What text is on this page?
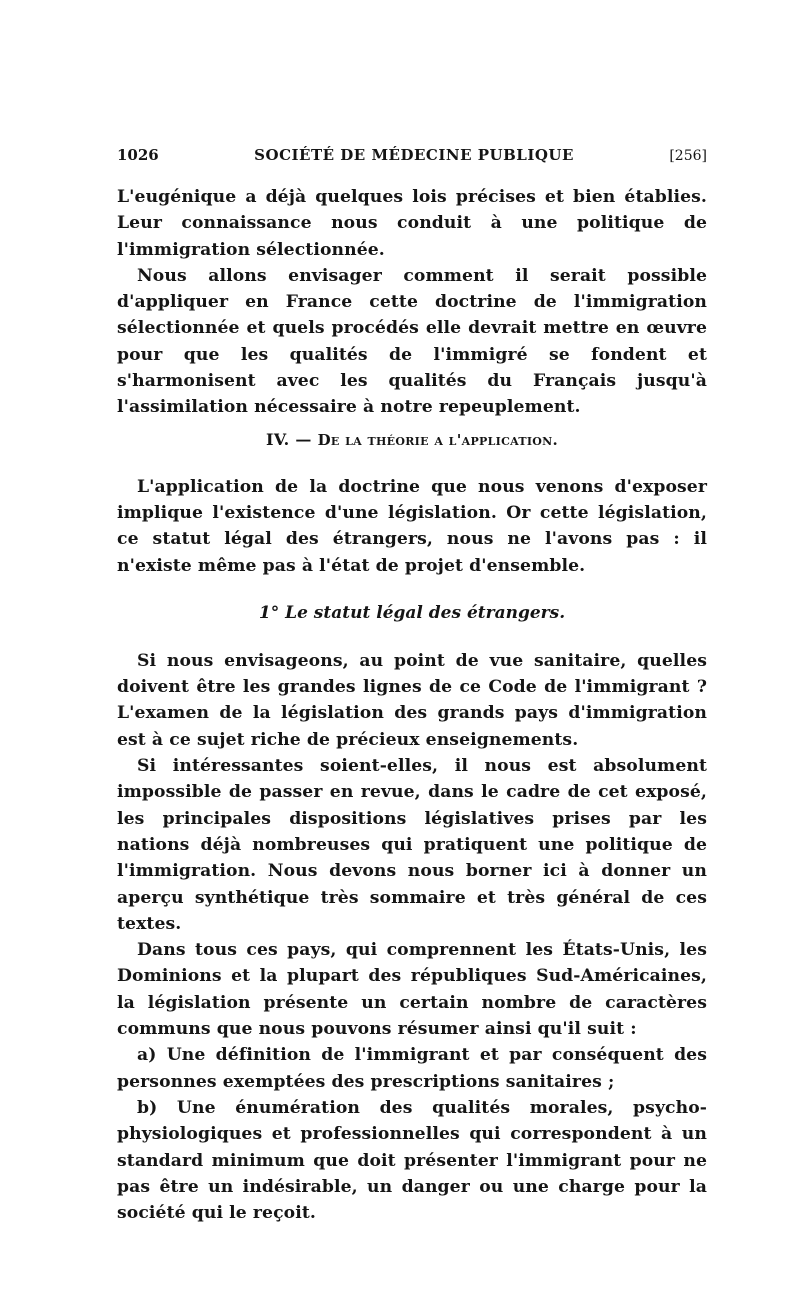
1026	SOCIÉTÉ DE MÉDECINE PUBLIQUE	[256]

L'eugénique a déjà quelques lois précises et bien établies. Leur connaissance nous conduit à une politique de l'immigration sélectionnée.

Nous allons envisager comment il serait possible d'appliquer en France cette doctrine de l'immigration sélectionnée et quels procédés elle devrait mettre en œuvre pour que les qualités de l'immigré se fondent et s'harmonisent avec les qualités du Français jusqu'à l'assimilation nécessaire à notre repeuplement.

IV. — De la théorie a l'application.

L'application de la doctrine que nous venons d'exposer implique l'existence d'une législation. Or cette législation, ce statut légal des étrangers, nous ne l'avons pas : il n'existe même pas à l'état de projet d'ensemble.

1° Le statut légal des étrangers.

Si nous envisageons, au point de vue sanitaire, quelles doivent être les grandes lignes de ce Code de l'immigrant ? L'examen de la législation des grands pays d'immigration est à ce sujet riche de précieux enseignements.

Si intéressantes soient-elles, il nous est absolument impossible de passer en revue, dans le cadre de cet exposé, les principales dispositions législatives prises par les nations déjà nombreuses qui pratiquent une politique de l'immigration. Nous devons nous borner ici à donner un aperçu synthétique très sommaire et très général de ces textes.

Dans tous ces pays, qui comprennent les États-Unis, les Dominions et la plupart des républiques Sud-Américaines, la législation présente un certain nombre de caractères communs que nous pouvons résumer ainsi qu'il suit :

a) Une définition de l'immigrant et par conséquent des personnes exemptées des prescriptions sanitaires ;

b) Une énumération des qualités morales, psycho-physiologiques et professionnelles qui correspondent à un standard minimum que doit présenter l'immigrant pour ne pas être un indésirable, un danger ou une charge pour la société qui le reçoit.
